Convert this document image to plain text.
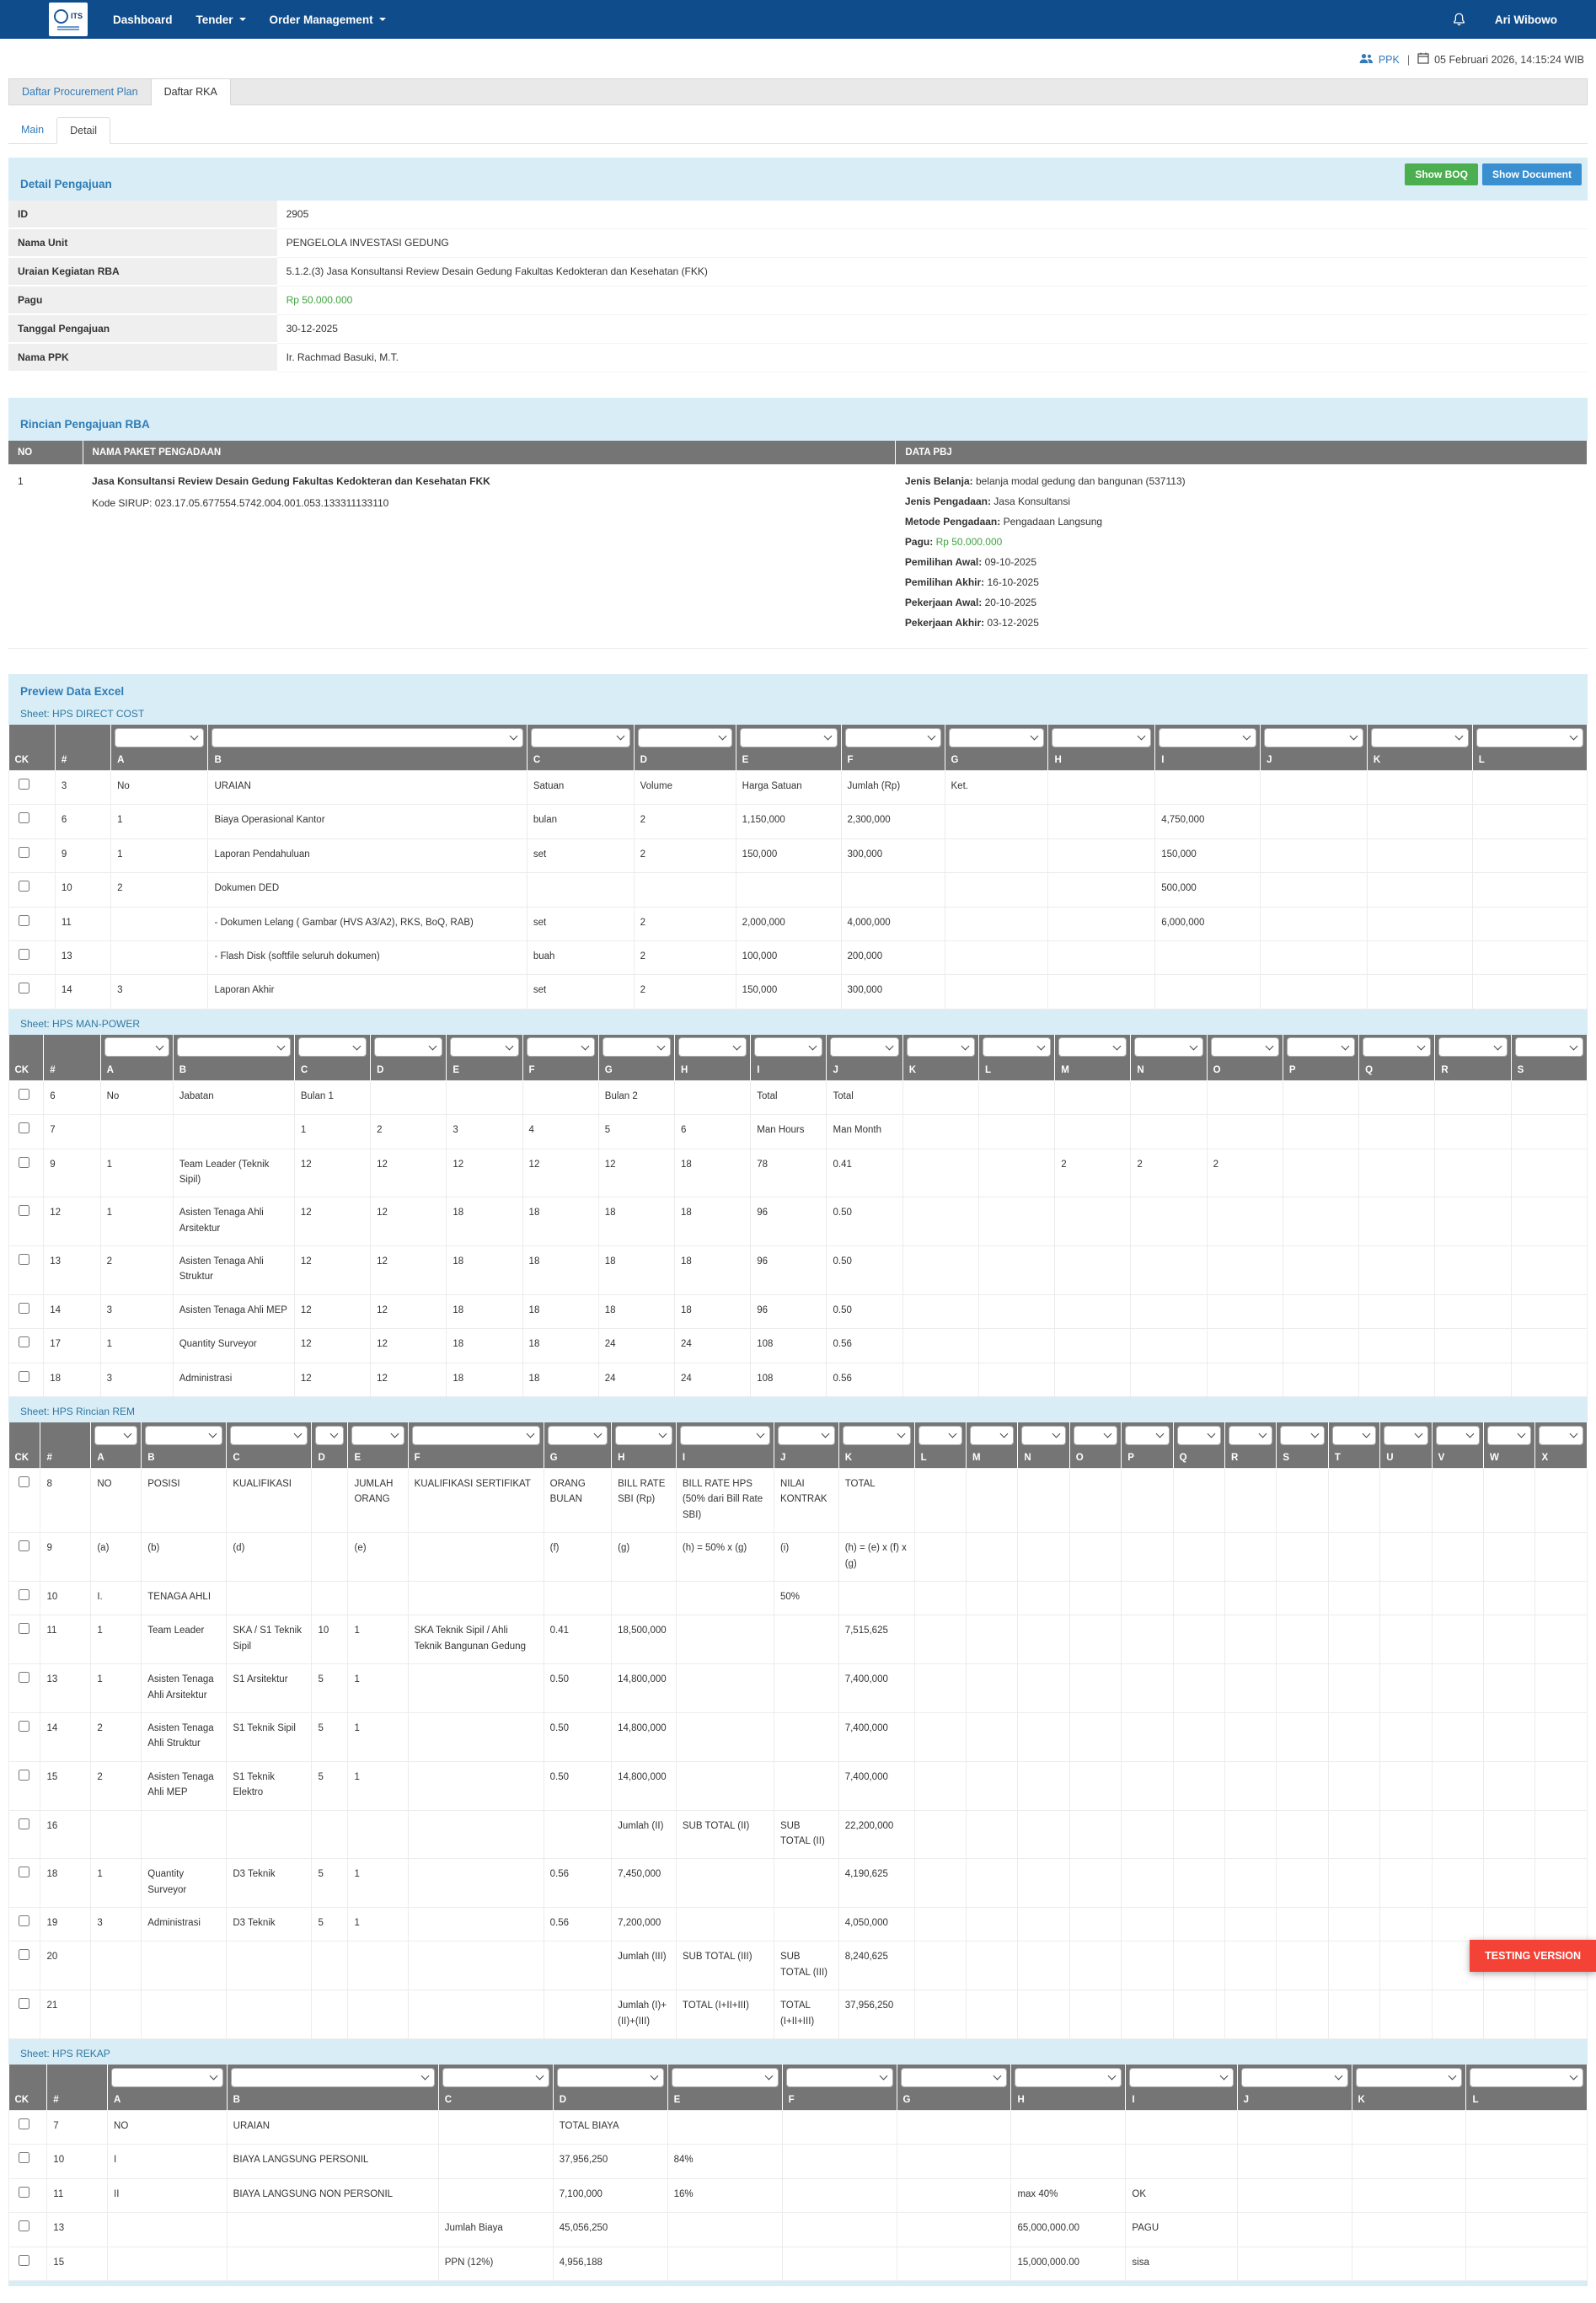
ITS	Dashboard Tender	Order Management	Ari Wibowo
PPK | 05 Februari 2026, 14:15:24 WIB
Daftar Procurement Plan	Daftar RKA
Main	Detail
Show BOQ	Show Document
Detail Pengajuan
ID	2905
Nama Unit	PENGELOLA INVESTASI GEDUNG
Uraian Kegiatan RBA	5.1.2.(3) Jasa Konsultansi Review Desain Gedung Fakultas Kedokteran dan Kesehatan (FKK)
Pagu	Rp 50.000.000
Tanggal Pengajuan	30-12-2025
Nama PPK	Ir. Rachmad Basuki, M.T.
Rincian Pengajuan RBA
NO	NAMA PAKET PENGADAAN	DATA PBJ
1	Jasa Konsultansi Review Desain Gedung Fakultas Kedokteran dan Kesehatan FKK
Kode SIRUP: 023.17.05.677554.5742.004.001.053.133311133110

Jenis Belanja: belanja modal gedung dan bangunan (537113)
Jenis Pengadaan: Jasa Konsultansi
Metode Pengadaan: Pengadaan Langsung
Pagu: Rp 50.000.000
Pemilihan Awal: 09-10-2025
Pemilihan Akhir: 16-10-2025
Pekerjaan Awal: 20-10-2025
Pekerjaan Akhir: 03-12-2025
Preview Data Excel
Sheet: HPS DIRECT COST

CK	#	A	B	C	D	E	F	G	H	I	J	K	L
	3	No	URAIAN	Satuan	Volume	Harga Satuan	Jumlah (Rp)	Ket.					
	6	1	Biaya Operasional Kantor	bulan	2	1,150,000	2,300,000			4,750,000			
	9	1	Laporan Pendahuluan	set	2	150,000	300,000			150,000			
	10	2	Dokumen DED							500,000			
	11		- Dokumen Lelang ( Gambar (HVS A3/A2), RKS, BoQ, RAB)	set	2	2,000,000	4,000,000			6,000,000			
	13		- Flash Disk (softfile seluruh dokumen)	buah	2	100,000	200,000						
	14	3	Laporan Akhir	set	2	150,000	300,000						
Sheet: HPS MAN-POWER

CK	#	A	B	C	D	E	F	G	H	I	J	K	L	M	N	O	P	Q	R	S
	6	No	Jabatan	Bulan 1				Bulan 2		Total	Total									
	7			1	2	3	4	5	6	Man Hours	Man Month									
	9	1	Team Leader (Teknik Sipil)	12	12	12	12	12	18	78	0.41			2	2	2				
	12	1	Asisten Tenaga Ahli Arsitektur	12	12	18	18	18	18	96	0.50									
	13	2	Asisten Tenaga Ahli Struktur	12	12	18	18	18	18	96	0.50									
	14	3	Asisten Tenaga Ahli MEP	12	12	18	18	18	18	96	0.50									
	17	1	Quantity Surveyor	12	12	18	18	24	24	108	0.56									
	18	3	Administrasi	12	12	18	18	24	24	108	0.56									
Sheet: HPS Rincian REM

CK	#	A	B	C	D	E	F	G	H	I	J	K	L	M	N	O	P	Q	R	S	T	U	V	W	X
	8	NO	POSISI	KUALIFIKASI		JUMLAH ORANG	KUALIFIKASI SERTIFIKAT	ORANG BULAN	BILL RATE SBI (Rp)	BILL RATE HPS (50% dari Bill Rate SBI)	NILAI KONTRAK	TOTAL													
	9	(a)	(b)	(d)		(e)		(f)	(g)	(h) = 50% x (g)	(i)	(h) = (e) x (f) x (g)													
	10	I.	TENAGA AHLI								50%														
	11	1	Team Leader	SKA / S1 Teknik Sipil	10	1	SKA Teknik Sipil / Ahli Teknik Bangunan Gedung	0.41	18,500,000			7,515,625													
	13	1	Asisten Tenaga Ahli Arsitektur	S1 Arsitektur	5	1		0.50	14,800,000			7,400,000													
	14	2	Asisten Tenaga Ahli Struktur	S1 Teknik Sipil	5	1		0.50	14,800,000			7,400,000													
	15	2	Asisten Tenaga Ahli MEP	S1 Teknik Elektro	5	1		0.50	14,800,000			7,400,000													
	16								Jumlah (II)	SUB TOTAL (II)	SUB TOTAL (II)	22,200,000													
	18	1	Quantity Surveyor	D3 Teknik	5	1		0.56	7,450,000			4,190,625													
	19	3	Administrasi	D3 Teknik	5	1		0.56	7,200,000			4,050,000													
	20								Jumlah (III)	SUB TOTAL (III)	SUB TOTAL (III)	8,240,625													
	21								Jumlah (I)+(II)+(III)	TOTAL (I+II+III)	TOTAL (I+II+III)	37,956,250													
Sheet: HPS REKAP

CK	#	A	B	C	D	E	F	G	H	I	J	K	L
	7	NO	URAIAN		TOTAL BIAYA								
	10	I	BIAYA LANGSUNG PERSONIL		37,956,250	84%							
	11	II	BIAYA LANGSUNG NON PERSONIL		7,100,000	16%			max 40%	OK			
	13			Jumlah Biaya	45,056,250				65,000,000.00	PAGU			
	15			PPN (12%)	4,956,188				15,000,000.00	sisa			
TESTING VERSION
